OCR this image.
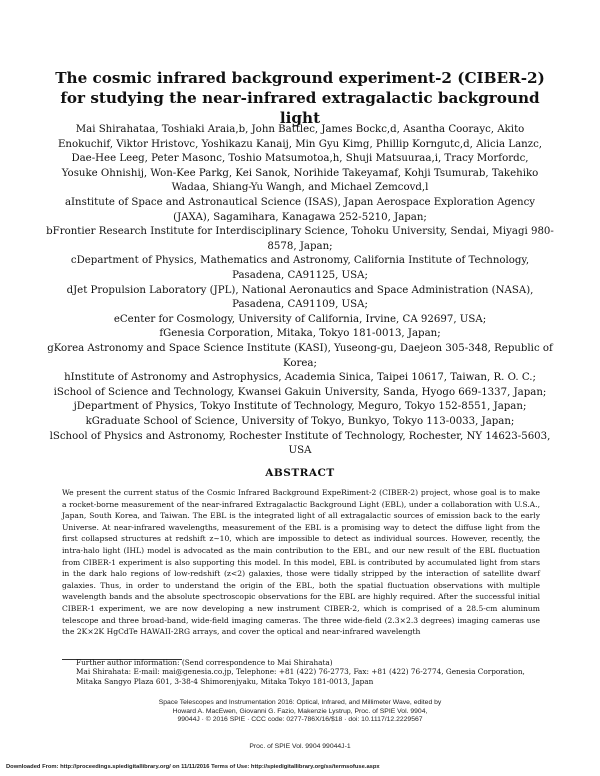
The cosmic infrared background experiment-2 (CIBER-2)
for studying the near-infrared extragalactic background light
Mai Shirahataa, Toshiaki Araia,b, John Battlec, James Bockc,d, Asantha Coorayc, Akito Enokuchif, Viktor Hristovc, Yoshikazu Kanaij, Min Gyu Kimg, Phillip Korngutc,d, Alicia Lanzc, Dae-Hee Leeg, Peter Masonc, Toshio Matsumotoa,h, Shuji Matsuuraa,i, Tracy Morfordc, Yosuke Ohnishij, Won-Kee Parkg, Kei Sanok, Norihide Takeyamaf, Kohji Tsumurab, Takehiko Wadaa, Shiang-Yu Wangh, and Michael Zemcovd,l
aInstitute of Space and Astronautical Science (ISAS), Japan Aerospace Exploration Agency (JAXA), Sagamihara, Kanagawa 252-5210, Japan;
bFrontier Research Institute for Interdisciplinary Science, Tohoku University, Sendai, Miyagi 980-8578, Japan;
cDepartment of Physics, Mathematics and Astronomy, California Institute of Technology, Pasadena, CA91125, USA;
dJet Propulsion Laboratory (JPL), National Aeronautics and Space Administration (NASA), Pasadena, CA91109, USA;
eCenter for Cosmology, University of California, Irvine, CA 92697, USA;
fGenesia Corporation, Mitaka, Tokyo 181-0013, Japan;
gKorea Astronomy and Space Science Institute (KASI), Yuseong-gu, Daejeon 305-348, Republic of Korea;
hInstitute of Astronomy and Astrophysics, Academia Sinica, Taipei 10617, Taiwan, R. O. C.;
iSchool of Science and Technology, Kwansei Gakuin University, Sanda, Hyogo 669-1337, Japan;
jDepartment of Physics, Tokyo Institute of Technology, Meguro, Tokyo 152-8551, Japan;
kGraduate School of Science, University of Tokyo, Bunkyo, Tokyo 113-0033, Japan;
lSchool of Physics and Astronomy, Rochester Institute of Technology, Rochester, NY 14623-5603, USA
ABSTRACT
We present the current status of the Cosmic Infrared Background ExpeRiment-2 (CIBER-2) project, whose goal is to make a rocket-borne measurement of the near-infrared Extragalactic Background Light (EBL), under a collaboration with U.S.A., Japan, South Korea, and Taiwan. The EBL is the integrated light of all extragalactic sources of emission back to the early Universe. At near-infrared wavelengths, measurement of the EBL is a promising way to detect the diffuse light from the first collapsed structures at redshift z~10, which are impossible to detect as individual sources. However, recently, the intra-halo light (IHL) model is advocated as the main contribution to the EBL, and our new result of the EBL fluctuation from CIBER-1 experiment is also supporting this model. In this model, EBL is contributed by accumulated light from stars in the dark halo regions of low-redshift (z<2) galaxies, those were tidally stripped by the interaction of satellite dwarf galaxies. Thus, in order to understand the origin of the EBL, both the spatial fluctuation observations with multiple wavelength bands and the absolute spectroscopic observations for the EBL are highly required. After the successful initial CIBER-1 experiment, we are now developing a new instrument CIBER-2, which is comprised of a 28.5-cm aluminum telescope and three broad-band, wide-field imaging cameras. The three wide-field (2.3×2.3 degrees) imaging cameras use the 2K×2K HgCdTe HAWAII-2RG arrays, and cover the optical and near-infrared wavelength
Further author information: (Send correspondence to Mai Shirahata)
Mai Shirahata: E-mail: mai@genesia.co.jp, Telephone: +81 (422) 76-2773, Fax: +81 (422) 76-2774, Genesia Corporation, Mitaka Sangyo Plaza 601, 3-38-4 Shimorenjyaku, Mitaka Tokyo 181-0013, Japan
Space Telescopes and Instrumentation 2016: Optical, Infrared, and Millimeter Wave, edited by
Howard A. MacEwen, Giovanni G. Fazio, Makenzie Lystrup, Proc. of SPIE Vol. 9904,
99044J · © 2016 SPIE · CCC code: 0277-786X/16/$18 · doi: 10.1117/12.2229567
Proc. of SPIE Vol. 9904 99044J-1
Downloaded From: http://proceedings.spiedigitallibrary.org/ on 11/11/2016 Terms of Use: http://spiedigitallibrary.org/ss/termsofuse.aspx
